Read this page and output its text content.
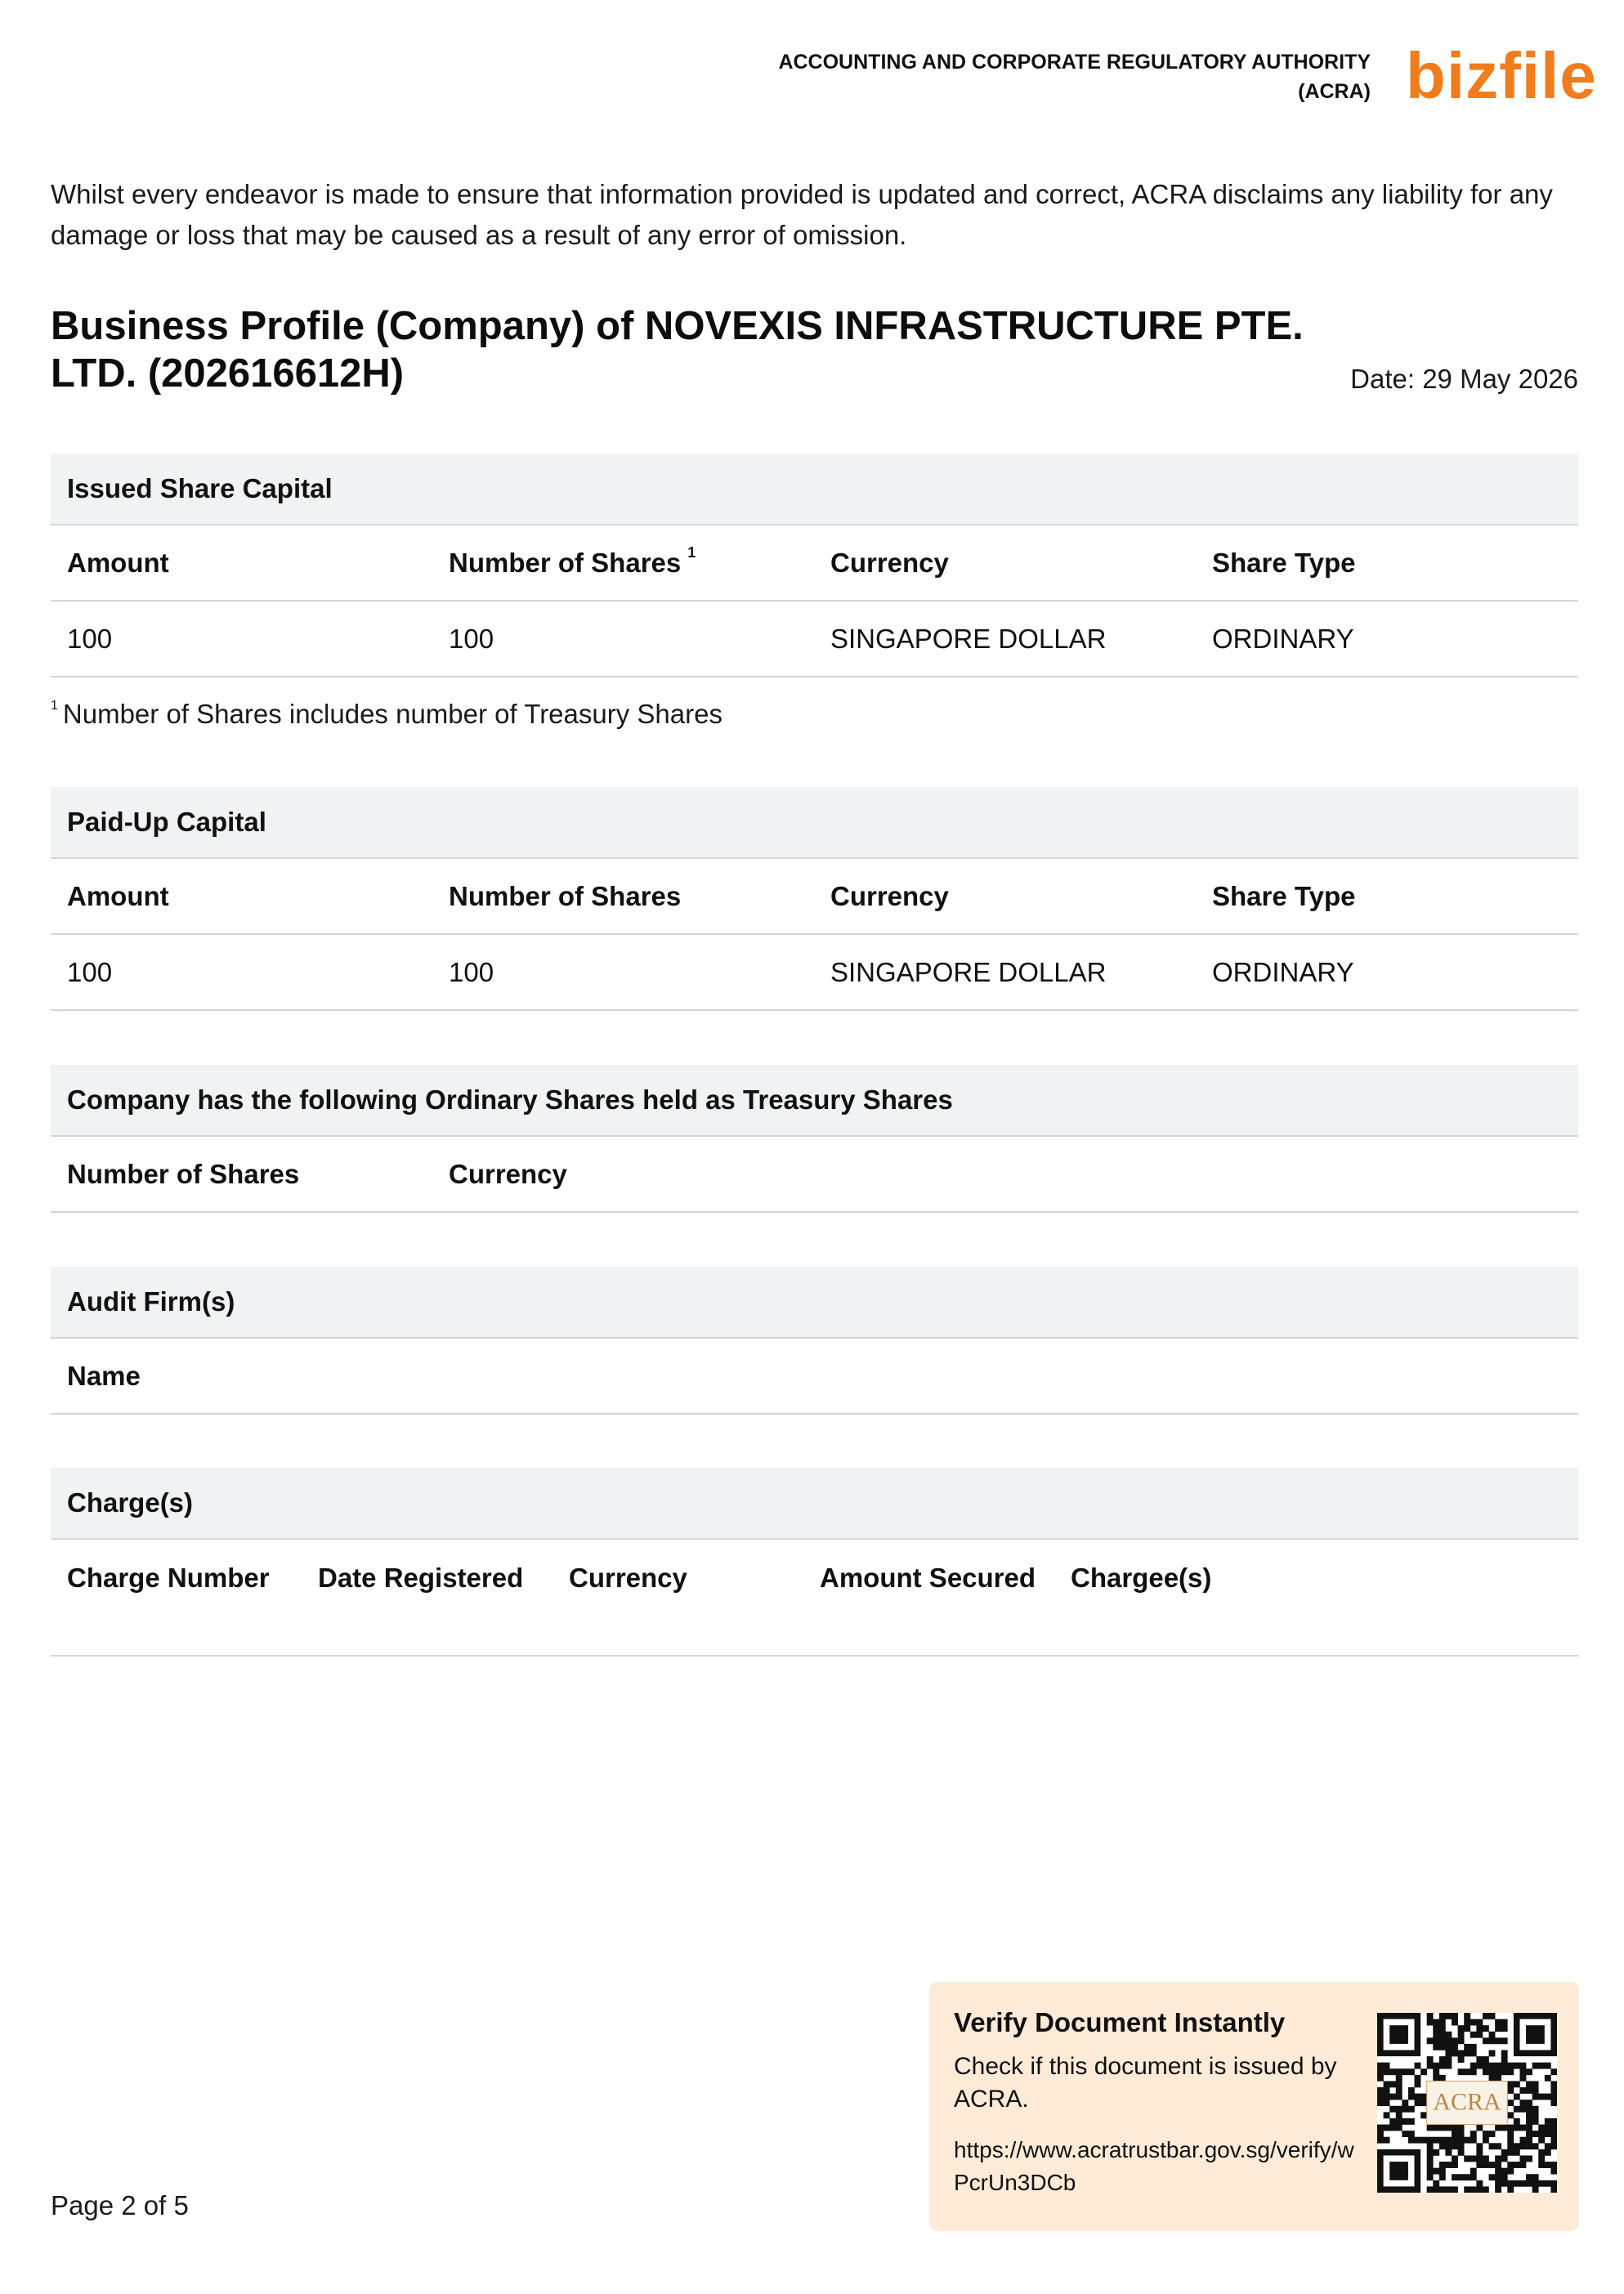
ACCOUNTING AND CORPORATE REGULATORY AUTHORITY
(ACRA) bizfile
Whilst every endeavor is made to ensure that information provided is updated and correct, ACRA disclaims any liability for any damage or loss that may be caused as a result of any error of omission.
Business Profile (Company) of NOVEXIS INFRASTRUCTURE PTE. LTD. (202616612H)	Date: 29 May 2026
Issued Share Capital
Amount	Number of Shares $^1$	Currency	Share Type
100	100	SINGAPORE DOLLAR	ORDINARY
$^1$ Number of Shares includes number of Treasury Shares
Paid-Up Capital
Amount	Number of Shares	Currency	Share Type
100	100	SINGAPORE DOLLAR	ORDINARY
Company has the following Ordinary Shares held as Treasury Shares
Number of Shares	Currency
Audit Firm(s)
Name
Charge(s)
Charge Number	Date Registered	Currency	Amount Secured	Chargee(s)
Page 2 of 5
Verify Document Instantly
Check if this document is issued by ACRA.
https://www.acratrustbar.gov.sg/verify/wPcrUn3DCb
ACRA
